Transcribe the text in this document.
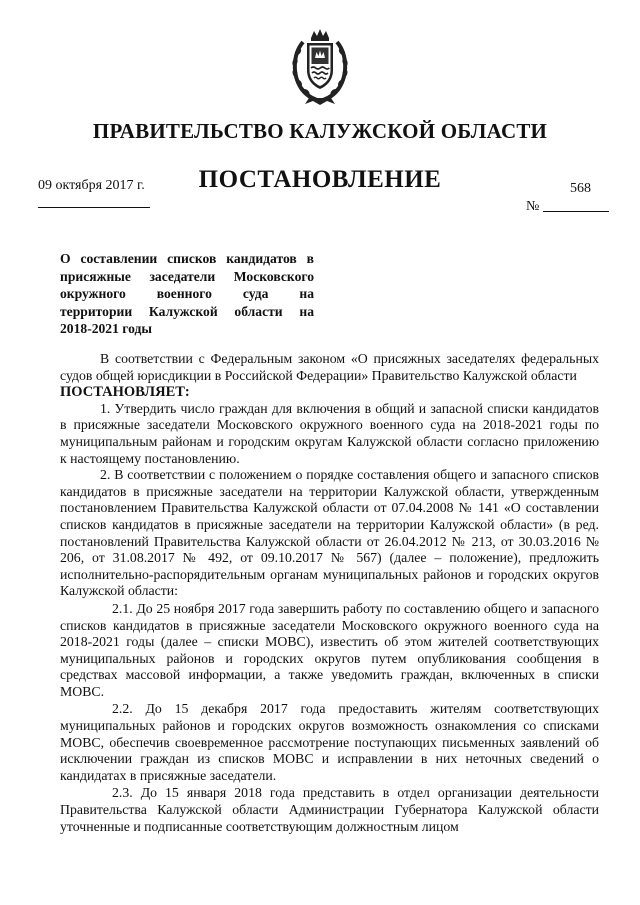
ПРАВИТЕЛЬСТВО КАЛУЖСКОЙ ОБЛАСТИ
ПОСТАНОВЛЕНИЕ
09 октября 2017 г.	568
№
О составлении списков кандидатов в
присяжные заседатели Московского
окружного военного суда на
территории Калужской области на
2018-2021 годы

В соответствии с Федеральным законом «О присяжных заседателях федеральных судов общей юрисдикции в Российской Федерации» Правительство Калужской области

ПОСТАНОВЛЯЕТ:

1. Утвердить число граждан для включения в общий и запасной списки кандидатов в присяжные заседатели Московского окружного военного суда на 2018-2021 годы по муниципальным районам и городским округам Калужской области согласно приложению к настоящему постановлению.

2. В соответствии с положением о порядке составления общего и запасного списков кандидатов в присяжные заседатели на территории Калужской области, утвержденным постановлением Правительства Калужской области от 07.04.2008 № 141 «О составлении списков кандидатов в присяжные заседатели на территории Калужской области» (в ред. постановлений Правительства Калужской области от 26.04.2012 № 213, от 30.03.2016 № 206, от 31.08.2017 № 492, от 09.10.2017 № 567) (далее – положение), предложить исполнительно-распорядительным органам муниципальных районов и городских округов Калужской области:

2.1. До 25 ноября 2017 года завершить работу по составлению общего и запасного списков кандидатов в присяжные заседатели Московского окружного военного суда на 2018-2021 годы (далее – списки МОВС), известить об этом жителей соответствующих муниципальных районов и городских округов путем опубликования сообщения в средствах массовой информации, а также уведомить граждан, включенных в списки МОВС.

2.2. До 15 декабря 2017 года предоставить жителям соответствующих муниципальных районов и городских округов возможность ознакомления со списками МОВС, обеспечив своевременное рассмотрение поступающих письменных заявлений об исключении граждан из списков МОВС и исправлении в них неточных сведений о кандидатах в присяжные заседатели.

2.3. До 15 января 2018 года представить в отдел организации деятельности Правительства Калужской области Администрации Губернатора Калужской области уточненные и подписанные соответствующим должностным лицом
